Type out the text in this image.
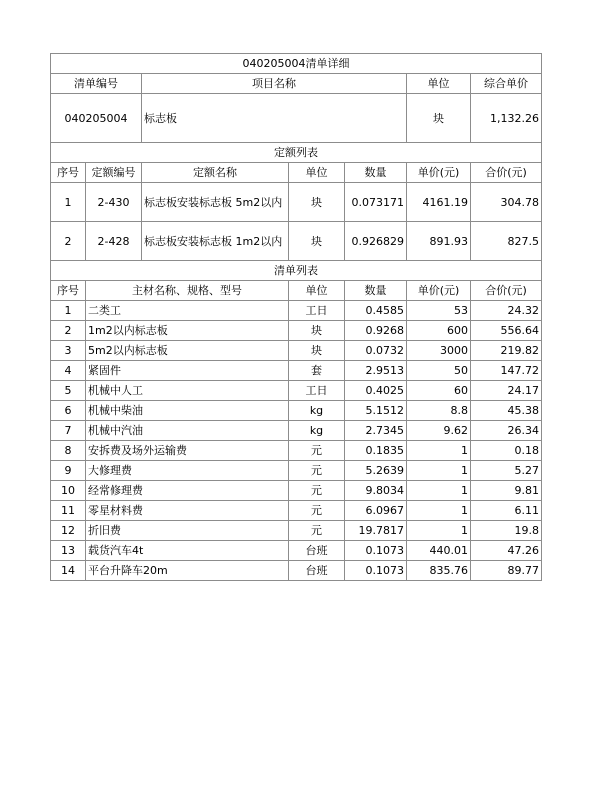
040205004清单详细						
清单编号		项目名称			单位	综合单价
040205004		标志板			块	1,132.26
定额列表						
序号	定额编号	定额名称	单位	数量	单价(元)	合价(元)
1	2-430	标志板安装标志板 5m2以内	块	0.073171	4161.19	304.78
2	2-428	标志板安装标志板 1m2以内	块	0.926829	891.93	827.5
清单列表						
序号	主材名称、规格、型号		单位	数量	单价(元)	合价(元)
1	二类工		工日	0.4585	53	24.32
2	1m2以内标志板		块	0.9268	600	556.64
3	5m2以内标志板		块	0.0732	3000	219.82
4	紧固件		套	2.9513	50	147.72
5	机械中人工		工日	0.4025	60	24.17
6	机械中柴油		kg	5.1512	8.8	45.38
7	机械中汽油		kg	2.7345	9.62	26.34
8	安拆费及场外运输费		元	0.1835	1	0.18
9	大修理费		元	5.2639	1	5.27
10	经常修理费		元	9.8034	1	9.81
11	零星材料费		元	6.0967	1	6.11
12	折旧费		元	19.7817	1	19.8
13	载货汽车4t		台班	0.1073	440.01	47.26
14	平台升降车20m		台班	0.1073	835.76	89.77
